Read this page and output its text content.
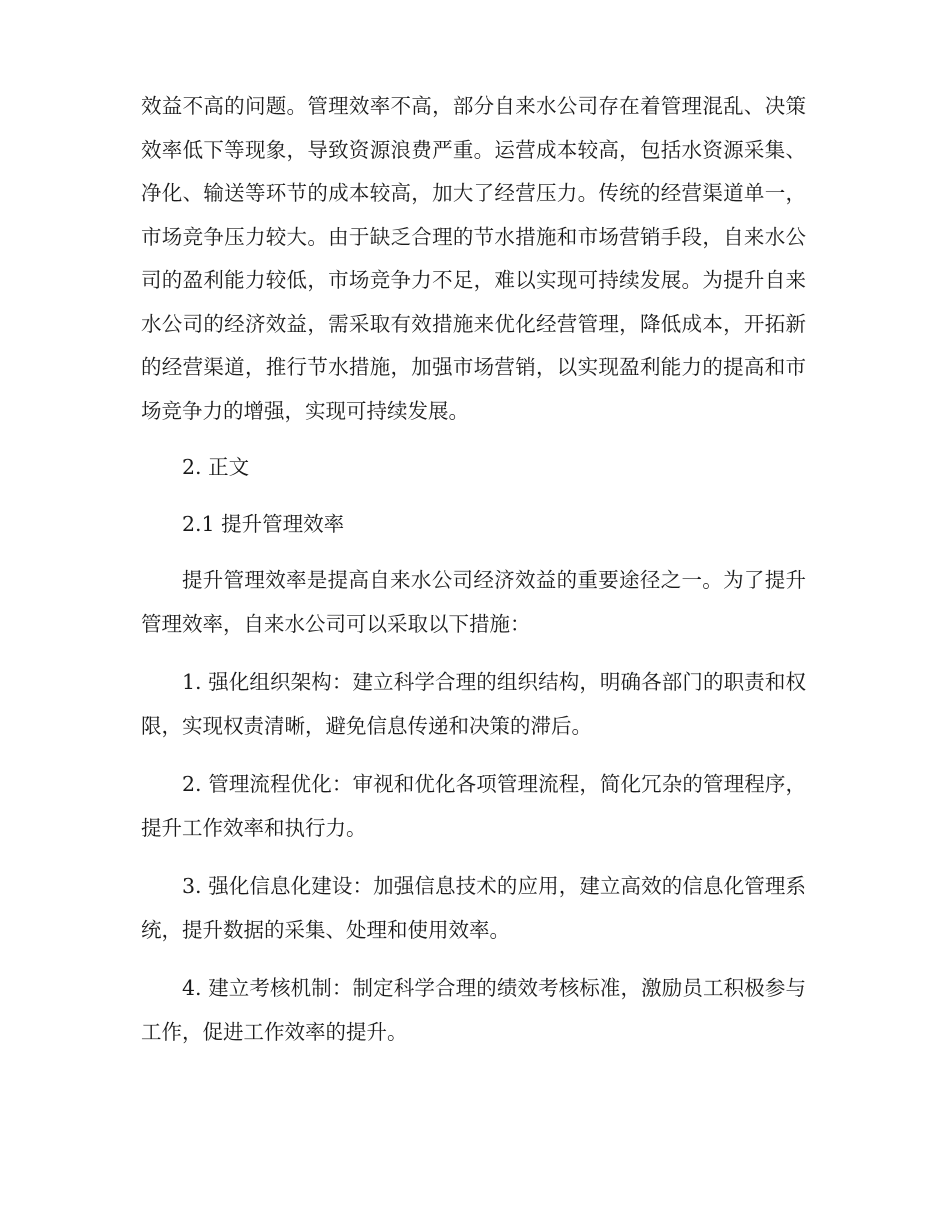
效益不高的问题。管理效率不高，部分自来水公司存在着管理混乱、决策效率低下等现象，导致资源浪费严重。运营成本较高，包括水资源采集、净化、输送等环节的成本较高，加大了经营压力。传统的经营渠道单一，市场竞争压力较大。由于缺乏合理的节水措施和市场营销手段，自来水公司的盈利能力较低，市场竞争力不足，难以实现可持续发展。为提升自来水公司的经济效益，需采取有效措施来优化经营管理，降低成本，开拓新的经营渠道，推行节水措施，加强市场营销，以实现盈利能力的提高和市场竞争力的增强，实现可持续发展。

2. 正文

2.1 提升管理效率

提升管理效率是提高自来水公司经济效益的重要途径之一。为了提升管理效率，自来水公司可以采取以下措施：

1. 强化组织架构：建立科学合理的组织结构，明确各部门的职责和权限，实现权责清晰，避免信息传递和决策的滞后。

2. 管理流程优化：审视和优化各项管理流程，简化冗杂的管理程序，提升工作效率和执行力。

3. 强化信息化建设：加强信息技术的应用，建立高效的信息化管理系统，提升数据的采集、处理和使用效率。

4. 建立考核机制：制定科学合理的绩效考核标准，激励员工积极参与工作，促进工作效率的提升。
